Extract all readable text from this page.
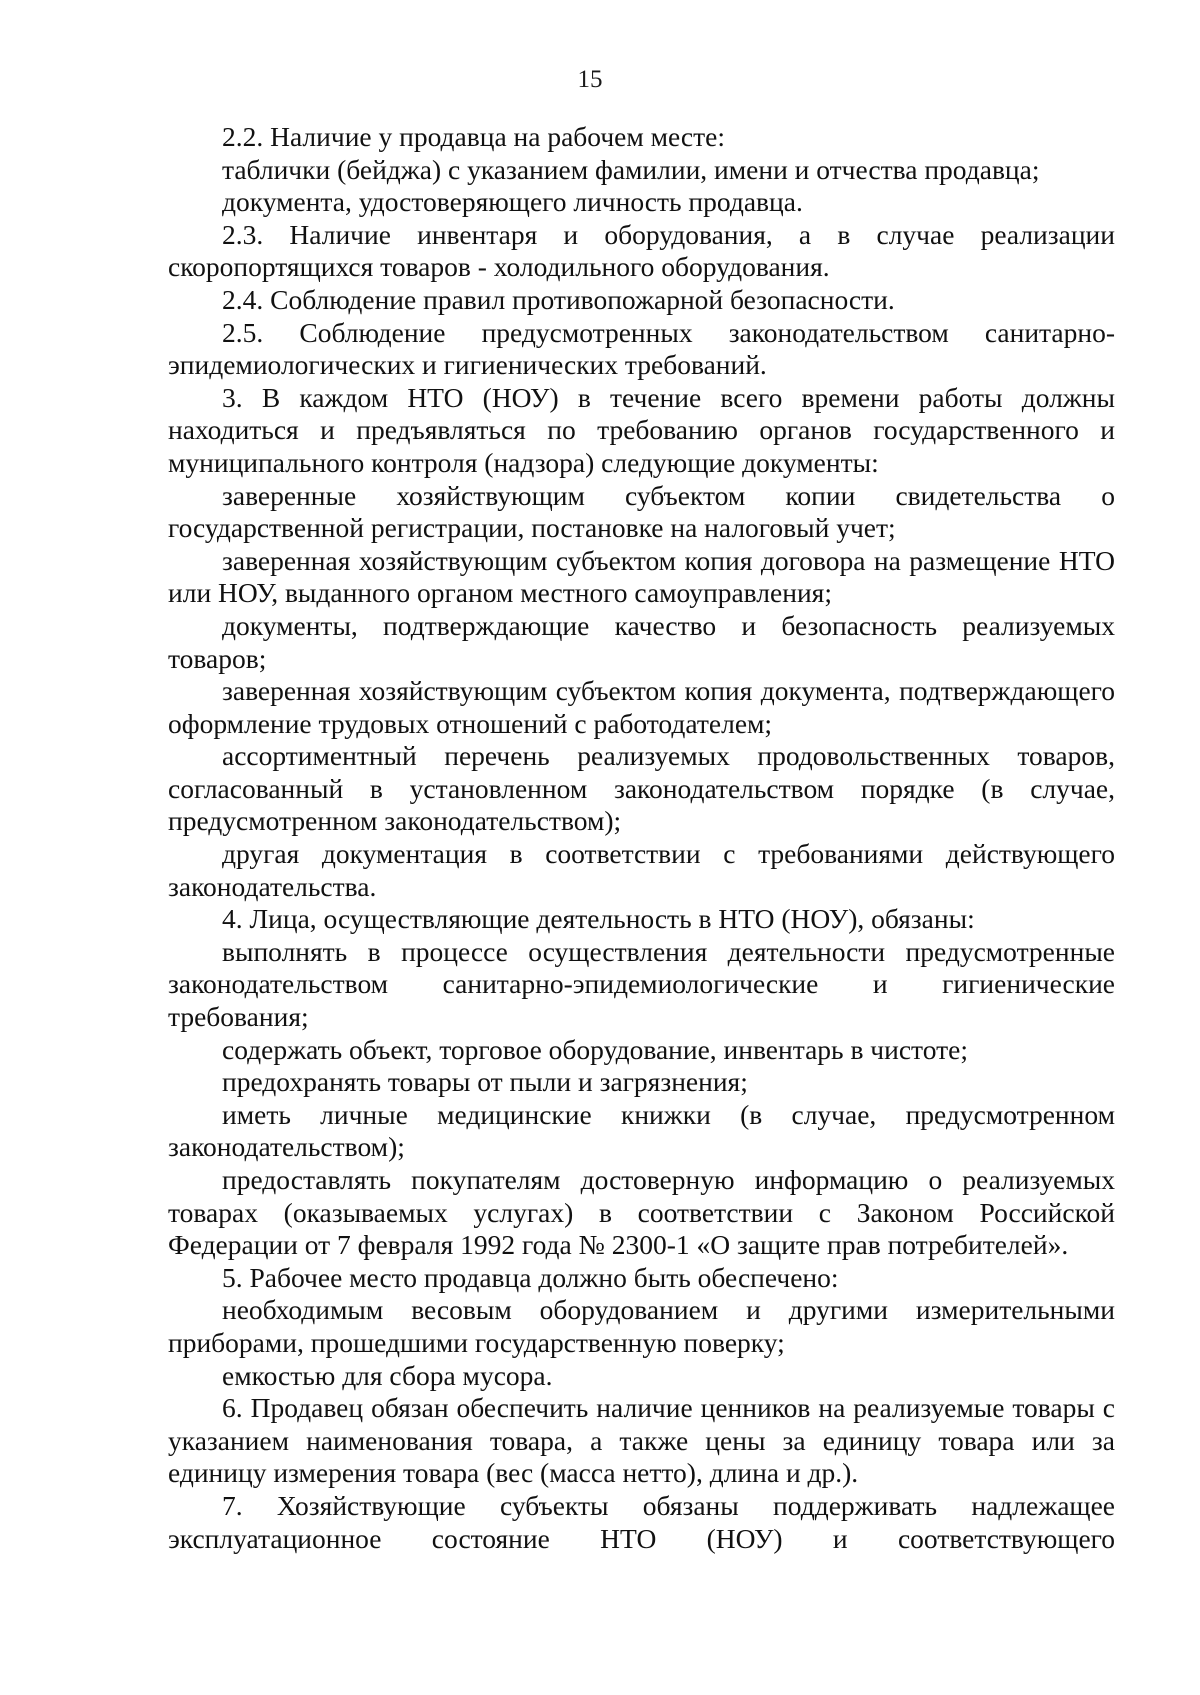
15

2.2. Наличие у продавца на рабочем месте:

таблички (бейджа) с указанием фамилии, имени и отчества продавца;

документа, удостоверяющего личность продавца.

2.3. Наличие инвентаря и оборудования, а в случае реализации скоропортящихся товаров - холодильного оборудования.

2.4. Соблюдение правил противопожарной безопасности.

2.5. Соблюдение предусмотренных законодательством санитарно-эпидемиологических и гигиенических требований.

3. В каждом НТО (НОУ) в течение всего времени работы должны находиться и предъявляться по требованию органов государственного и муниципального контроля (надзора) следующие документы:

заверенные хозяйствующим субъектом копии свидетельства о государственной регистрации, постановке на налоговый учет;

заверенная хозяйствующим субъектом копия договора на размещение НТО или НОУ, выданного органом местного самоуправления;

документы, подтверждающие качество и безопасность реализуемых товаров;

заверенная хозяйствующим субъектом копия документа, подтверждающего оформление трудовых отношений с работодателем;

ассортиментный перечень реализуемых продовольственных товаров, согласованный в установленном законодательством порядке (в случае, предусмотренном законодательством);

другая документация в соответствии с требованиями действующего законодательства.

4. Лица, осуществляющие деятельность в НТО (НОУ), обязаны:

выполнять в процессе осуществления деятельности предусмотренные законодательством санитарно-эпидемиологические и гигиенические требования;

содержать объект, торговое оборудование, инвентарь в чистоте;

предохранять товары от пыли и загрязнения;

иметь личные медицинские книжки (в случае, предусмотренном законодательством);

предоставлять покупателям достоверную информацию о реализуемых товарах (оказываемых услугах) в соответствии с Законом Российской Федерации от 7 февраля 1992 года № 2300-1 «О защите прав потребителей».

5. Рабочее место продавца должно быть обеспечено:

необходимым весовым оборудованием и другими измерительными приборами, прошедшими государственную поверку;

емкостью для сбора мусора.

6. Продавец обязан обеспечить наличие ценников на реализуемые товары с указанием наименования товара, а также цены за единицу товара или за единицу измерения товара (вес (масса нетто), длина и др.).

7. Хозяйствующие субъекты обязаны поддерживать надлежащее эксплуатационное состояние НТО (НОУ) и соответствующего
